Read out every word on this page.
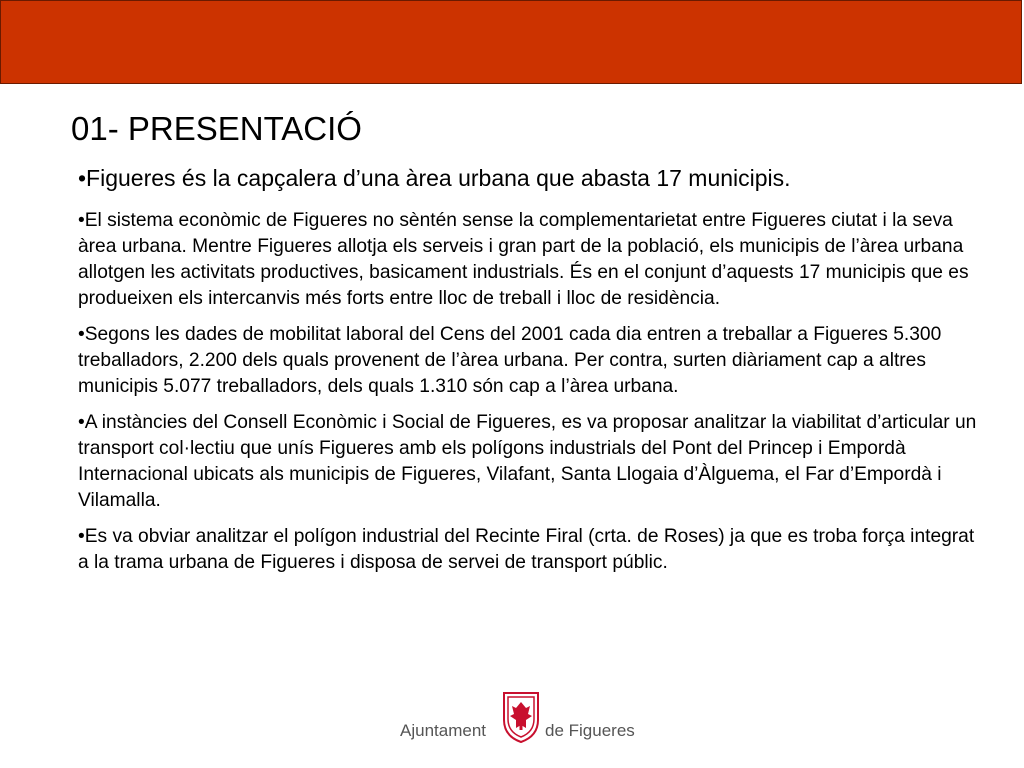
01- PRESENTACIÓ
•Figueres és la capçalera d’una àrea urbana que abasta 17 municipis.
•El sistema econòmic de Figueres no sèntén sense la complementarietat entre Figueres ciutat i la seva àrea urbana. Mentre Figueres allotja els serveis i gran part de la població, els municipis de l’àrea urbana allotgen les activitats productives, basicament industrials. És en el conjunt d’aquests 17 municipis que es produeixen els intercanvis més forts entre lloc de treball i lloc de residència.
•Segons les dades de mobilitat laboral del Cens del 2001 cada dia entren a treballar a Figueres 5.300 treballadors, 2.200 dels quals provenent de l’àrea urbana. Per contra, surten diàriament cap a altres municipis 5.077 treballadors, dels quals 1.310 són cap a l’àrea urbana.
•A instàncies del Consell Econòmic i Social de Figueres, es va proposar analitzar la viabilitat d’articular un transport col·lectiu que unís Figueres amb els polígons industrials del Pont del Princep i Empordà Internacional ubicats als municipis de Figueres, Vilafant, Santa Llogaia d’Àlguema, el Far d’Empordà i Vilamalla.
•Es va obviar analitzar el polígon industrial del Recinte Firal (crta. de Roses) ja que es troba força integrat a la trama urbana de Figueres i disposa de servei de transport públic.
Ajuntament	de Figueres
